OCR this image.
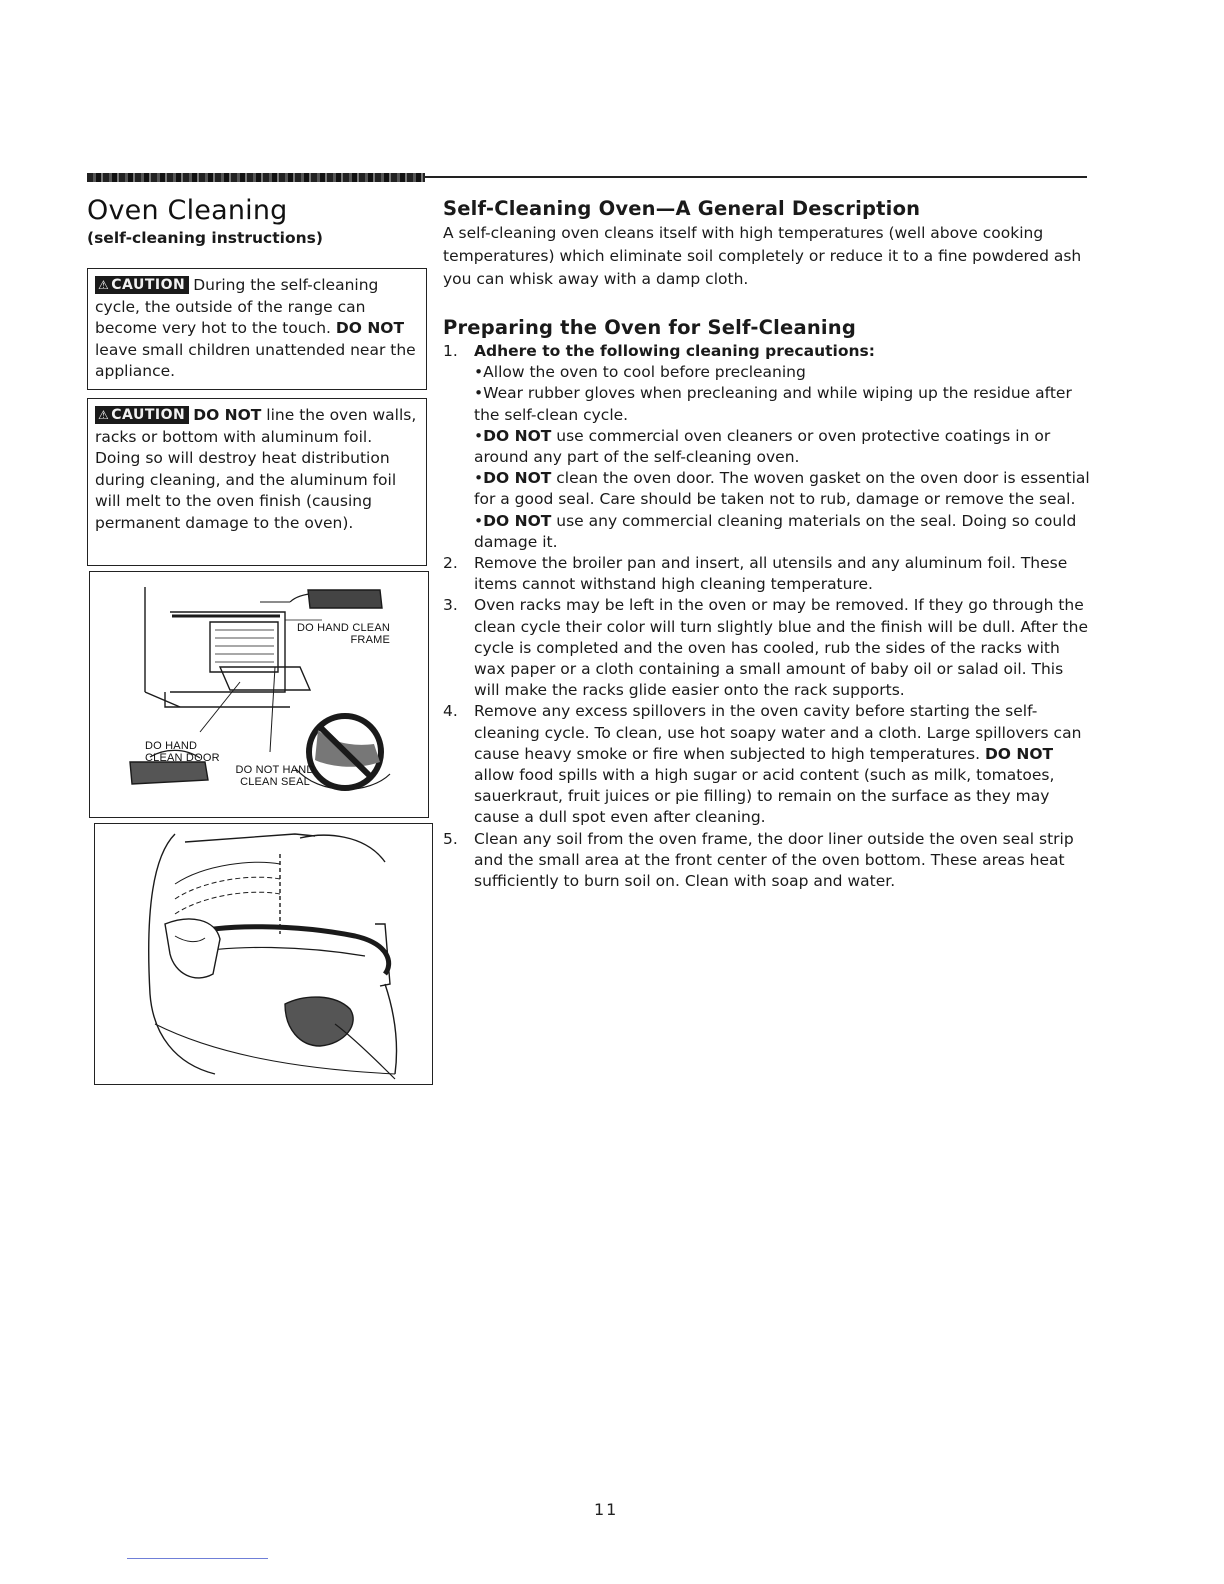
Oven Cleaning

(self-cleaning instructions)

⚠ CAUTION During the self-cleaning cycle, the outside of the range can become very hot to the touch. DO NOT leave small children unattended near the appliance.
⚠ CAUTION DO NOT line the oven walls, racks or bottom with aluminum foil. Doing so will destroy heat distribution during cleaning, and the aluminum foil will melt to the oven finish (causing permanent damage to the oven).
DO HAND CLEAN FRAME
DO HAND CLEAN DOOR
DO NOT HAND CLEAN SEAL
Self-Cleaning Oven—A General Description

A self-cleaning oven cleans itself with high temperatures (well above cooking temperatures) which eliminate soil completely or reduce it to a fine powdered ash you can whisk away with a damp cloth.

Preparing the Oven for Self-Cleaning
1. Adhere to the following cleaning precautions:
• Allow the oven to cool before precleaning
• Wear rubber gloves when precleaning and while wiping up the residue after the self-clean cycle.
• DO NOT use commercial oven cleaners or oven protective coatings in or around any part of the self-cleaning oven.
• DO NOT clean the oven door. The woven gasket on the oven door is essential for a good seal. Care should be taken not to rub, damage or remove the seal.
• DO NOT use any commercial cleaning materials on the seal. Doing so could damage it.
2. Remove the broiler pan and insert, all utensils and any aluminum foil. These items cannot withstand high cleaning temperature.
3. Oven racks may be left in the oven or may be removed. If they go through the clean cycle their color will turn slightly blue and the finish will be dull. After the cycle is completed and the oven has cooled, rub the sides of the racks with wax paper or a cloth containing a small amount of baby oil or salad oil. This will make the racks glide easier onto the rack supports.
4. Remove any excess spillovers in the oven cavity before starting the self-cleaning cycle. To clean, use hot soapy water and a cloth. Large spillovers can cause heavy smoke or fire when subjected to high temperatures. DO NOT allow food spills with a high sugar or acid content (such as milk, tomatoes, sauerkraut, fruit juices or pie filling) to remain on the surface as they may cause a dull spot even after cleaning.
5. Clean any soil from the oven frame, the door liner outside the oven seal strip and the small area at the front center of the oven bottom. These areas heat sufficiently to burn soil on. Clean with soap and water.
11
